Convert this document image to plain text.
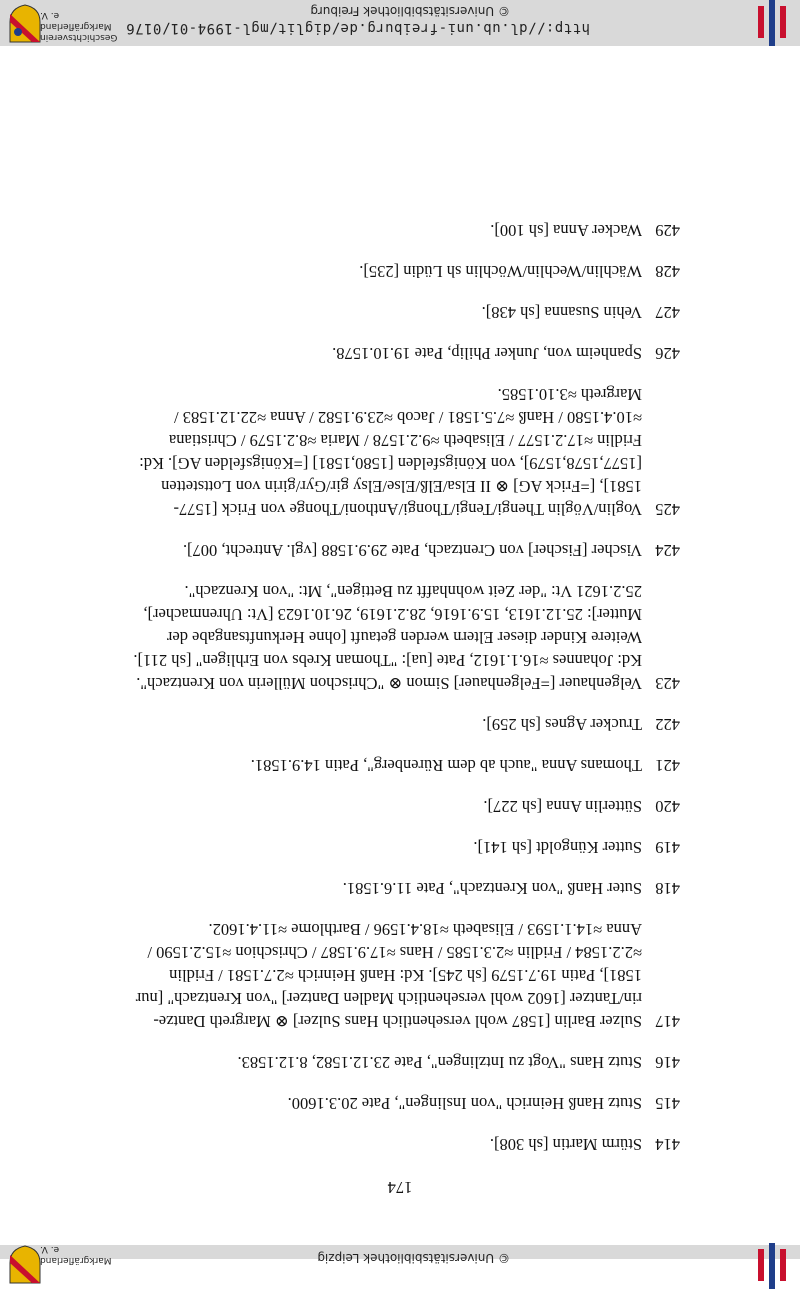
© Universitätsbibliothek Leipzig
Markgräflerland e. V.
174
414
Stürm Martin [sh 308].
415
Stutz Hanß Heinrich "von Inslingen", Pate 20.3.1600.
416
Stutz Hans "Vogt zu Intzlingen", Pate 23.12.1582, 8.12.1583.
417
Sulzer Barlin [1587 wohl versehentlich Hans Sulzer] ⊗ Margreth Dantze-
rin/Tantzer [1602 wohl versehentlich Madlen Dantzer] "von Krentzach" [nur
1581], Patin 19.7.1579 [sh 245]. Kd: Hanß Heinrich ≈2.7.1581 / Fridlin
≈2.2.1584 / Fridlin ≈2.3.1585 / Hans ≈17.9.1587 / Chrischion ≈15.2.1590 /
Anna ≈14.1.1593 / Elisabeth ≈18.4.1596 / Barthlome ≈11.4.1602.
418
Suter Hanß "von Krentzach", Pate 11.6.1581.
419
Sutter Küngoldt [sh 141].
420
Sütterlin Anna [sh 227].
421
Thomans Anna "auch ab dem Rürenberg", Patin 14.9.1581.
422
Trucker Agnes [sh 259].
423
Velgenhauer [=Felgenhauer] Simon ⊗ "Chrischon Müllerin von Krentzach".
Kd: Johannes ≈16.1.1612, Pate [ua]: "Thoman Krebs von Erhligen" [sh 211].
Weitere Kinder dieser Eltern werden getauft [ohne Herkunftsangabe der
Mutter]: 25.12.1613, 15.9.1616, 28.2.1619, 26.10.1623 [Vt: Uhrenmacher],
25.2.1621 Vt: "der Zeit wohnhafft zu Bettigen", Mt: "von Krenzach".
424
Vischer [Fischer] von Crentzach, Pate 29.9.1588 [vgl. Antrecht, 007].
425
Voglin/Vöglin Thengi/Tengi/Thongi/Anthoni/Thonge von Frick [1577-
1581], [=Frick AG] ⊗ II Elsa/Elß/Else/Elsy gir/Gyr/girin von Lottstetten
[1577,1578,1579], von Königsfelden [1580,1581] [=Königsfelden AG]. Kd:
Fridlin ≈17.2.1577 / Elisabeth ≈9.2.1578 / Maria ≈8.2.1579 / Christiana
≈10.4.1580 / Hanß ≈7.5.1581 / Jacob ≈23.9.1582 / Anna ≈22.12.1583 /
Margreth ≈3.10.1585.
426
Spanheim von, Junker Philip, Pate 19.10.1578.
427
Vehin Susanna [sh 438].
428
Wächlin/Wechlin/Wöchlin sh Lüdin [235].
429
Wacker Anna [sh 100].
http://dl.ub.uni-freiburg.de/diglit/mgl-1994-01/0176
© Universitätsbibliothek Freiburg
Geschichtsverein
Markgräflerland e. V.
